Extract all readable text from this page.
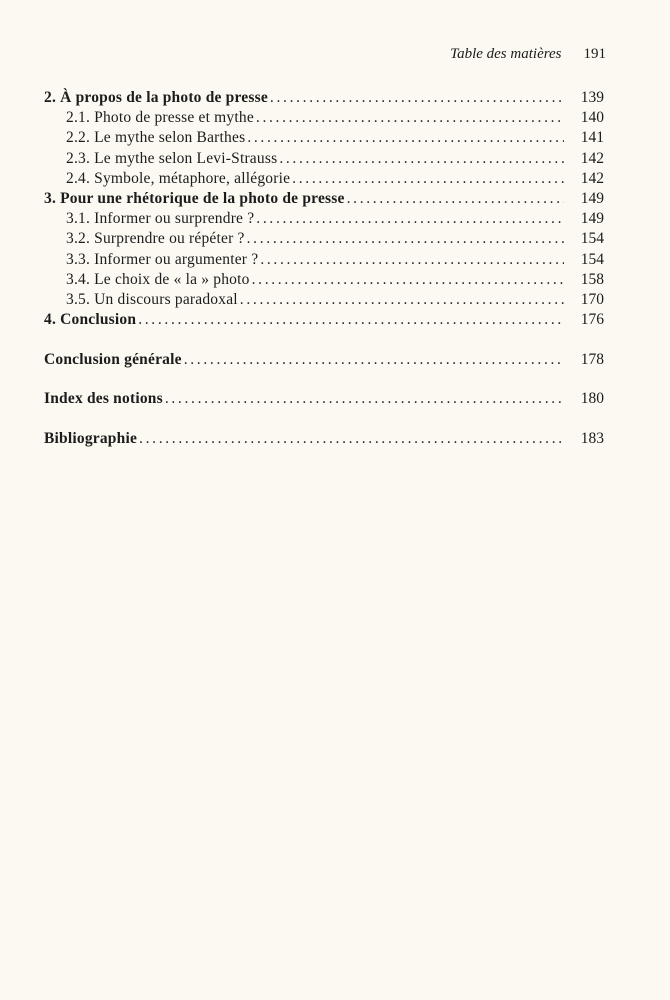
Table des matières 191
2. À propos de la photo de presse . . .	139
2.1. Photo de presse et mythe . . .	140
2.2. Le mythe selon Barthes . . .	141
2.3. Le mythe selon Levi-Strauss . . .	142
2.4. Symbole, métaphore, allégorie . . .	142
3. Pour une rhétorique de la photo de presse . . .	149
3.1. Informer ou surprendre ? . . .	149
3.2. Surprendre ou répéter ? . . .	154
3.3. Informer ou argumenter ? . . .	154
3.4. Le choix de « la » photo . . .	158
3.5. Un discours paradoxal . . .	170
4. Conclusion . . .	176
Conclusion générale . . .	178
Index des notions . . .	180
Bibliographie . . .	183
